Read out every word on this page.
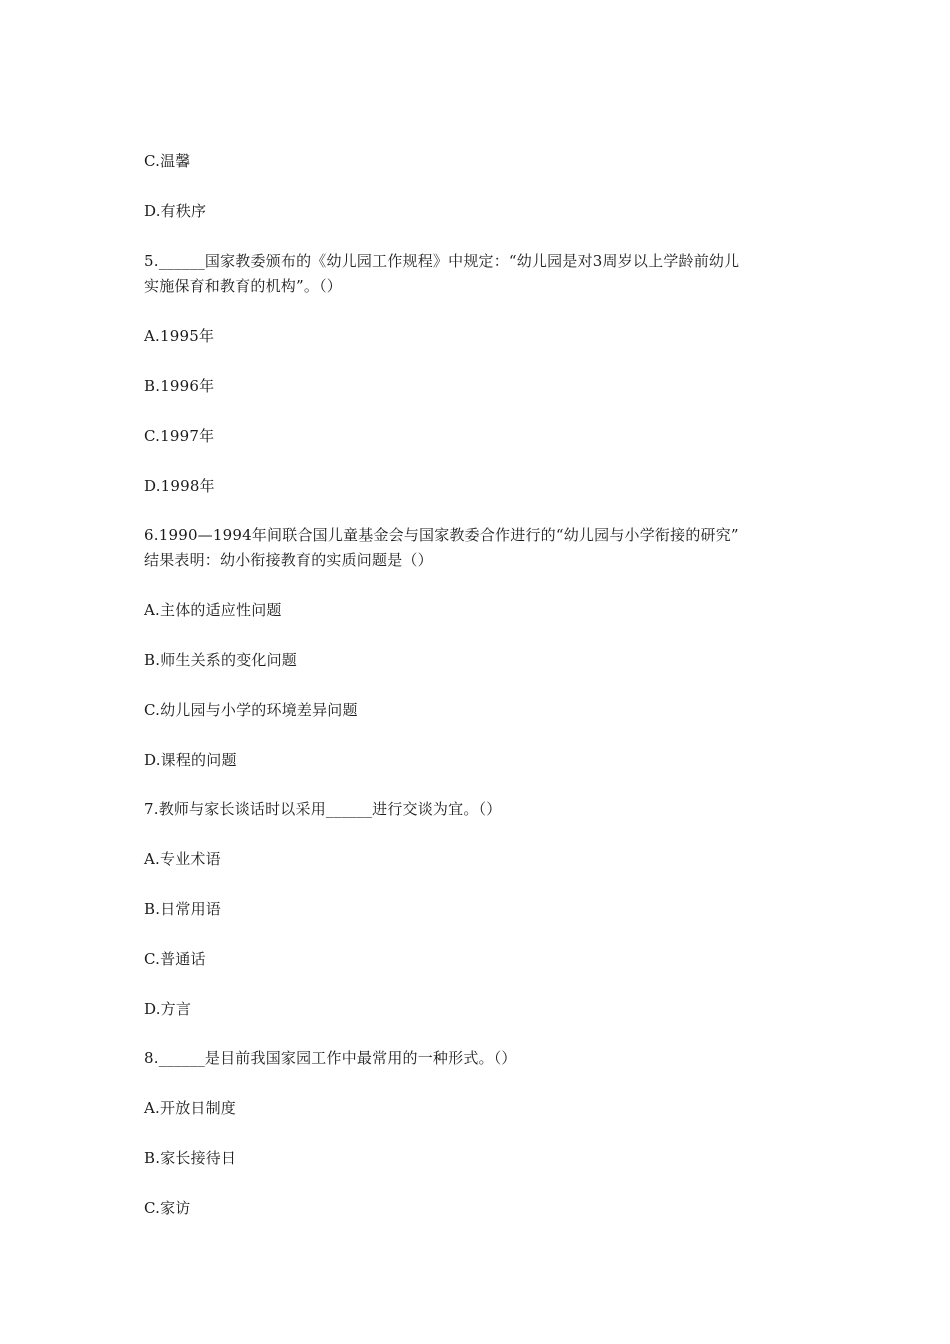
C.温馨
D.有秩序
5.______国家教委颁布的《幼儿园工作规程》中规定：“幼儿园是对3周岁以上学龄前幼儿
实施保育和教育的机构”。（）
A.1995年
B.1996年
C.1997年
D.1998年
6.1990—1994年间联合国儿童基金会与国家教委合作进行的“幼儿园与小学衔接的研究”
结果表明：幼小衔接教育的实质问题是（）
A.主体的适应性问题
B.师生关系的变化问题
C.幼儿园与小学的环境差异问题
D.课程的问题
7.教师与家长谈话时以采用______进行交谈为宜。（）
A.专业术语
B.日常用语
C.普通话
D.方言
8.______是目前我国家园工作中最常用的一种形式。（）
A.开放日制度
B.家长接待日
C.家访
